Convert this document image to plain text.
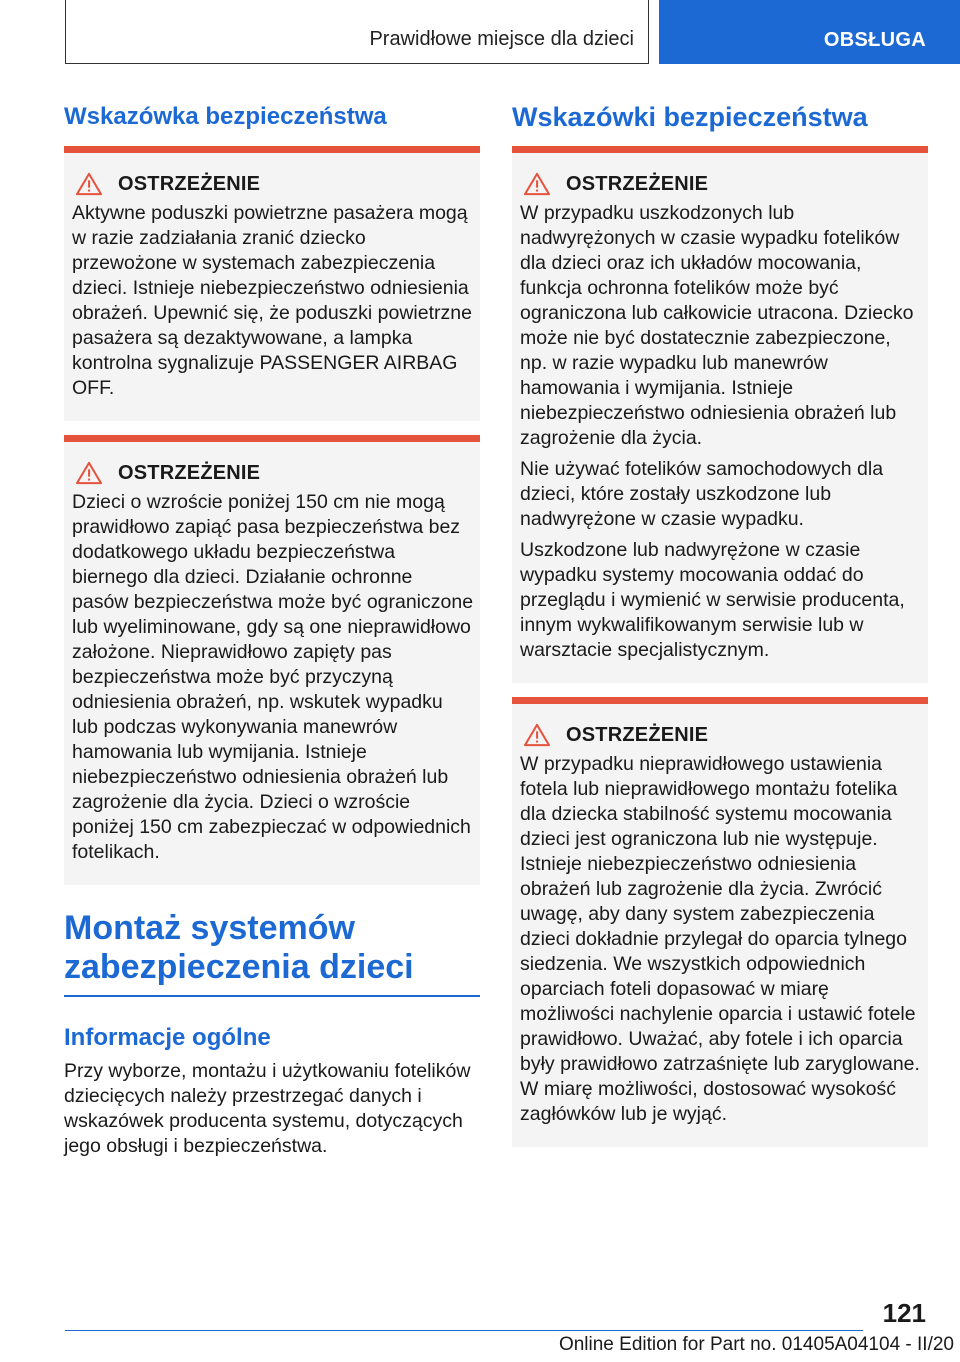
Prawidłowe miejsce dla dzieci	OBSŁUGA
Wskazówka bezpieczeństwa
OSTRZEŻENIE

Aktywne poduszki powietrzne pasażera mogą w razie zadziałania zranić dziecko przewożone w systemach zabezpieczenia dzieci. Istnieje niebezpieczeństwo odniesienia obrażeń. Upewnić się, że poduszki powietrzne pasażera są dezaktywowane, a lampka kontrolna sygnalizuje PASSENGER AIRBAG OFF.

OSTRZEŻENIE

Dzieci o wzroście poniżej 150 cm nie mogą prawidłowo zapiąć pasa bezpieczeństwa bez dodatkowego układu bezpieczeństwa biernego dla dzieci. Działanie ochronne pasów bezpieczeństwa może być ograniczone lub wyeliminowane, gdy są one nieprawidłowo założone. Nieprawidłowo zapięty pas bezpieczeństwa może być przyczyną odniesienia obrażeń, np. wskutek wypadku lub podczas wykonywania manewrów hamowania lub wymijania. Istnieje niebezpieczeństwo odniesienia obrażeń lub zagrożenie dla życia. Dzieci o wzroście poniżej 150 cm zabezpieczać w odpowiednich fotelikach.

Montaż systemów zabezpieczenia dzieci
Informacje ogólne

Przy wyborze, montażu i użytkowaniu fotelików dziecięcych należy przestrzegać danych i wskazówek producenta systemu, dotyczących jego obsługi i bezpieczeństwa.

Wskazówki bezpieczeństwa
OSTRZEŻENIE

W przypadku uszkodzonych lub nadwyrężonych w czasie wypadku fotelików dla dzieci oraz ich układów mocowania, funkcja ochronna fotelików może być ograniczona lub całkowicie utracona. Dziecko może nie być dostatecznie zabezpieczone, np. w razie wypadku lub manewrów hamowania i wymijania. Istnieje niebezpieczeństwo odniesienia obrażeń lub zagrożenie dla życia.

Nie używać fotelików samochodowych dla dzieci, które zostały uszkodzone lub nadwyrężone w czasie wypadku.

Uszkodzone lub nadwyrężone w czasie wypadku systemy mocowania oddać do przeglądu i wymienić w serwisie producenta, innym wykwalifikowanym serwisie lub w warsztacie specjalistycznym.

OSTRZEŻENIE

W przypadku nieprawidłowego ustawienia fotela lub nieprawidłowego montażu fotelika dla dziecka stabilność systemu mocowania dzieci jest ograniczona lub nie występuje. Istnieje niebezpieczeństwo odniesienia obrażeń lub zagrożenie dla życia. Zwrócić uwagę, aby dany system zabezpieczenia dzieci dokładnie przylegał do oparcia tylnego siedzenia. We wszystkich odpowiednich oparciach foteli dopasować w miarę możliwości nachylenie oparcia i ustawić fotele prawidłowo. Uważać, aby fotele i ich oparcia były prawidłowo zatrzaśnięte lub zaryglowane. W miarę możliwości, dostosować wysokość zagłówków lub je wyjąć.

121
Online Edition for Part no. 01405A04104 - II/20
